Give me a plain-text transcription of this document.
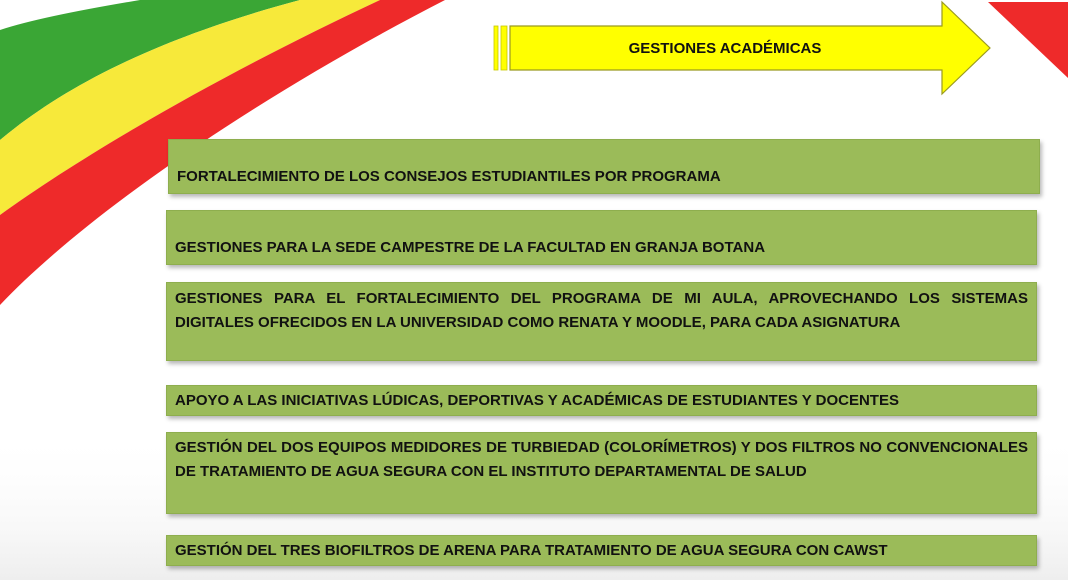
GESTIONES ACADÉMICAS
FORTALECIMIENTO DE LOS CONSEJOS ESTUDIANTILES POR PROGRAMA
GESTIONES PARA LA SEDE CAMPESTRE DE LA FACULTAD EN GRANJA BOTANA
GESTIONES PARA EL FORTALECIMIENTO DEL PROGRAMA DE MI AULA, APROVECHANDO LOS SISTEMAS DIGITALES OFRECIDOS EN LA UNIVERSIDAD COMO RENATA Y MOODLE, PARA CADA ASIGNATURA
APOYO A LAS INICIATIVAS LÚDICAS, DEPORTIVAS Y ACADÉMICAS DE ESTUDIANTES Y DOCENTES
GESTIÓN DEL DOS EQUIPOS MEDIDORES DE TURBIEDAD (COLORÍMETROS) Y DOS FILTROS NO CONVENCIONALES DE TRATAMIENTO DE AGUA SEGURA CON EL INSTITUTO DEPARTAMENTAL DE SALUD
GESTIÓN DEL TRES BIOFILTROS DE ARENA PARA TRATAMIENTO DE AGUA SEGURA CON CAWST
